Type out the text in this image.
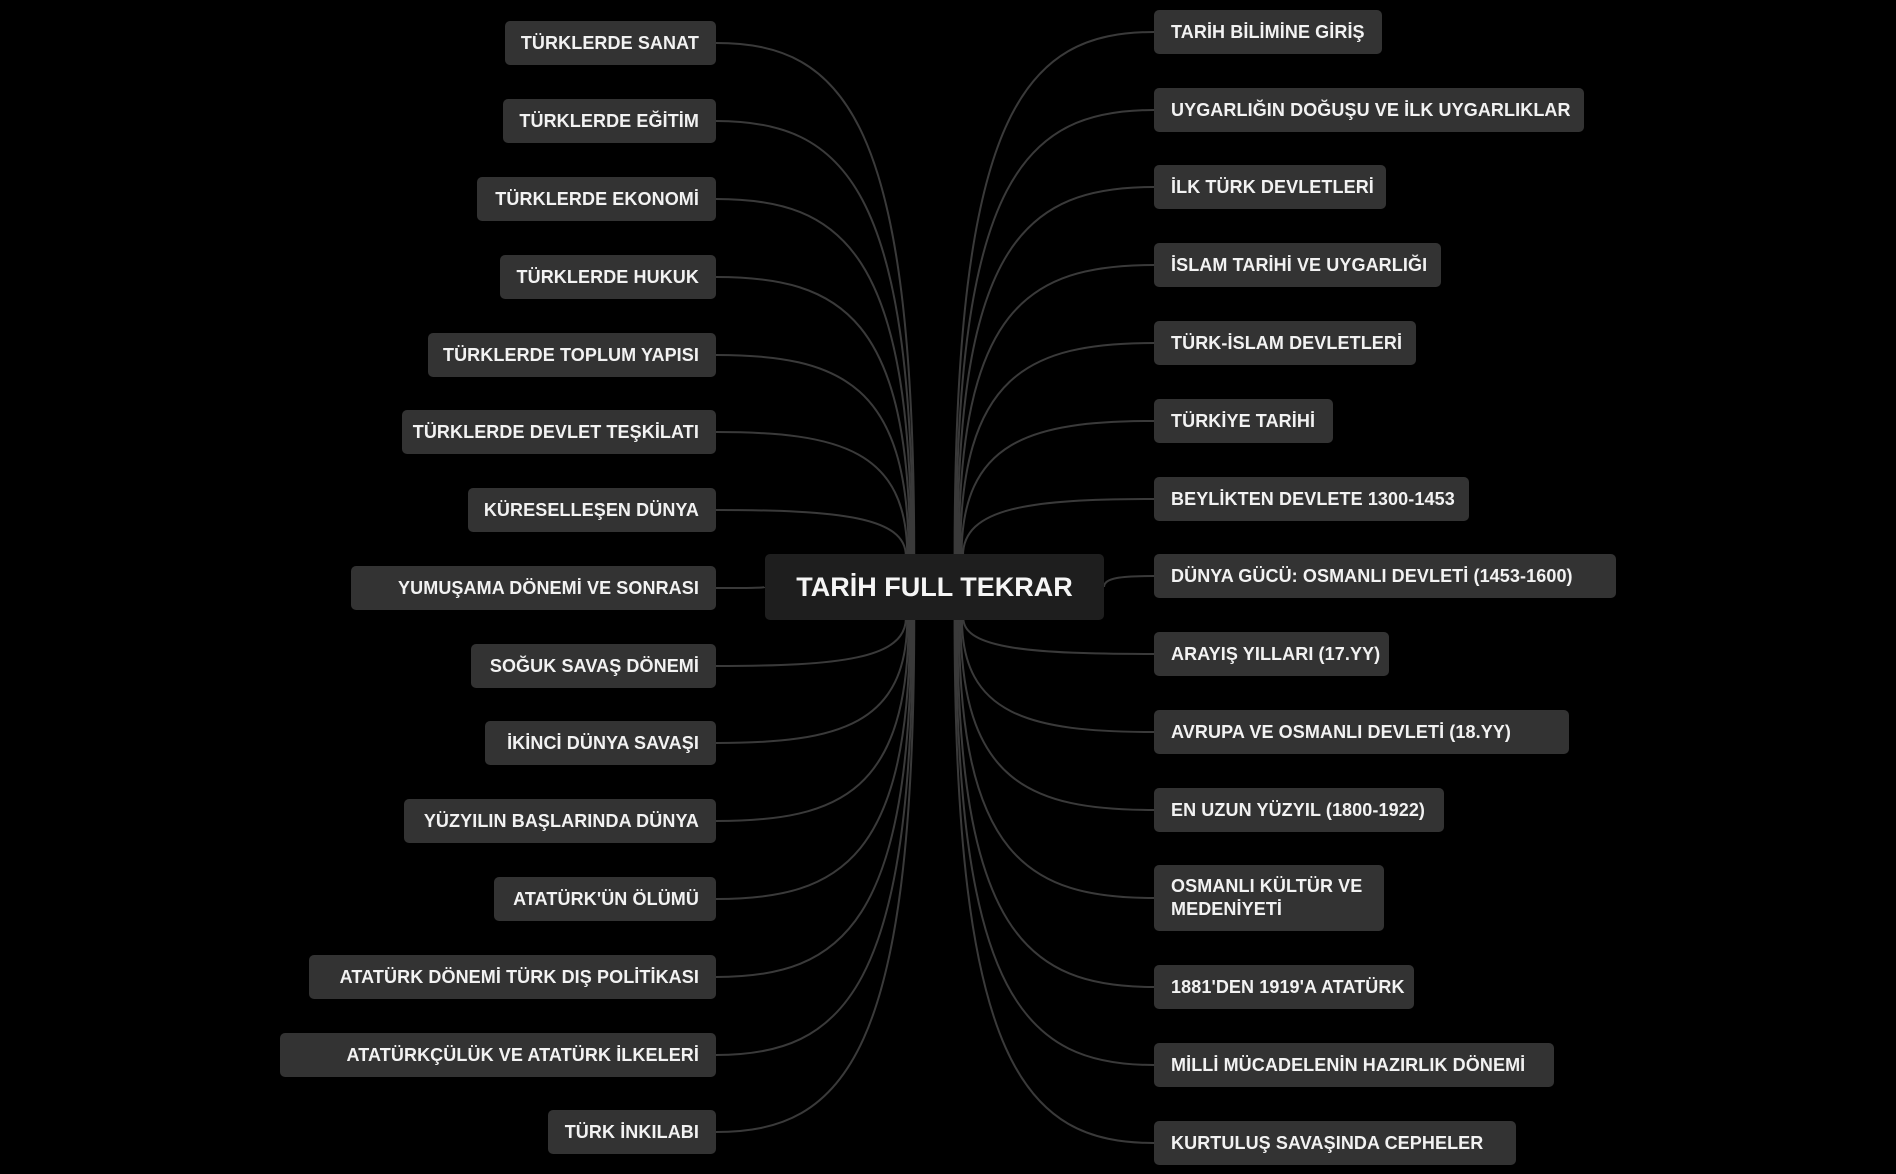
TÜRKLERDE SANAT
TÜRKLERDE EĞİTİM
TÜRKLERDE EKONOMİ
TÜRKLERDE HUKUK
TÜRKLERDE TOPLUM YAPISI
TÜRKLERDE DEVLET TEŞKİLATI
KÜRESELLEŞEN DÜNYA
YUMUŞAMA DÖNEMİ VE SONRASI
SOĞUK SAVAŞ DÖNEMİ
İKİNCİ DÜNYA SAVAŞI
YÜZYILIN BAŞLARINDA DÜNYA
ATATÜRK'ÜN ÖLÜMÜ
ATATÜRK DÖNEMİ TÜRK DIŞ POLİTİKASI
ATATÜRKÇÜLÜK VE ATATÜRK İLKELERİ
TÜRK İNKILABI
TARİH FULL TEKRAR
TARİH BİLİMİNE GİRİŞ
UYGARLIĞIN DOĞUŞU VE İLK UYGARLIKLAR
İLK TÜRK DEVLETLERİ
İSLAM TARİHİ VE UYGARLIĞI
TÜRK-İSLAM DEVLETLERİ
TÜRKİYE TARİHİ
BEYLİKTEN DEVLETE 1300-1453
DÜNYA GÜCÜ: OSMANLI DEVLETİ (1453-1600)
ARAYIŞ YILLARI (17.YY)
AVRUPA VE OSMANLI DEVLETİ (18.YY)
EN UZUN YÜZYIL (1800-1922)
OSMANLI KÜLTÜR VE MEDENİYETİ
1881'DEN 1919'A ATATÜRK
MİLLİ MÜCADELENİN HAZIRLIK DÖNEMİ
KURTULUŞ SAVAŞINDA CEPHELER
